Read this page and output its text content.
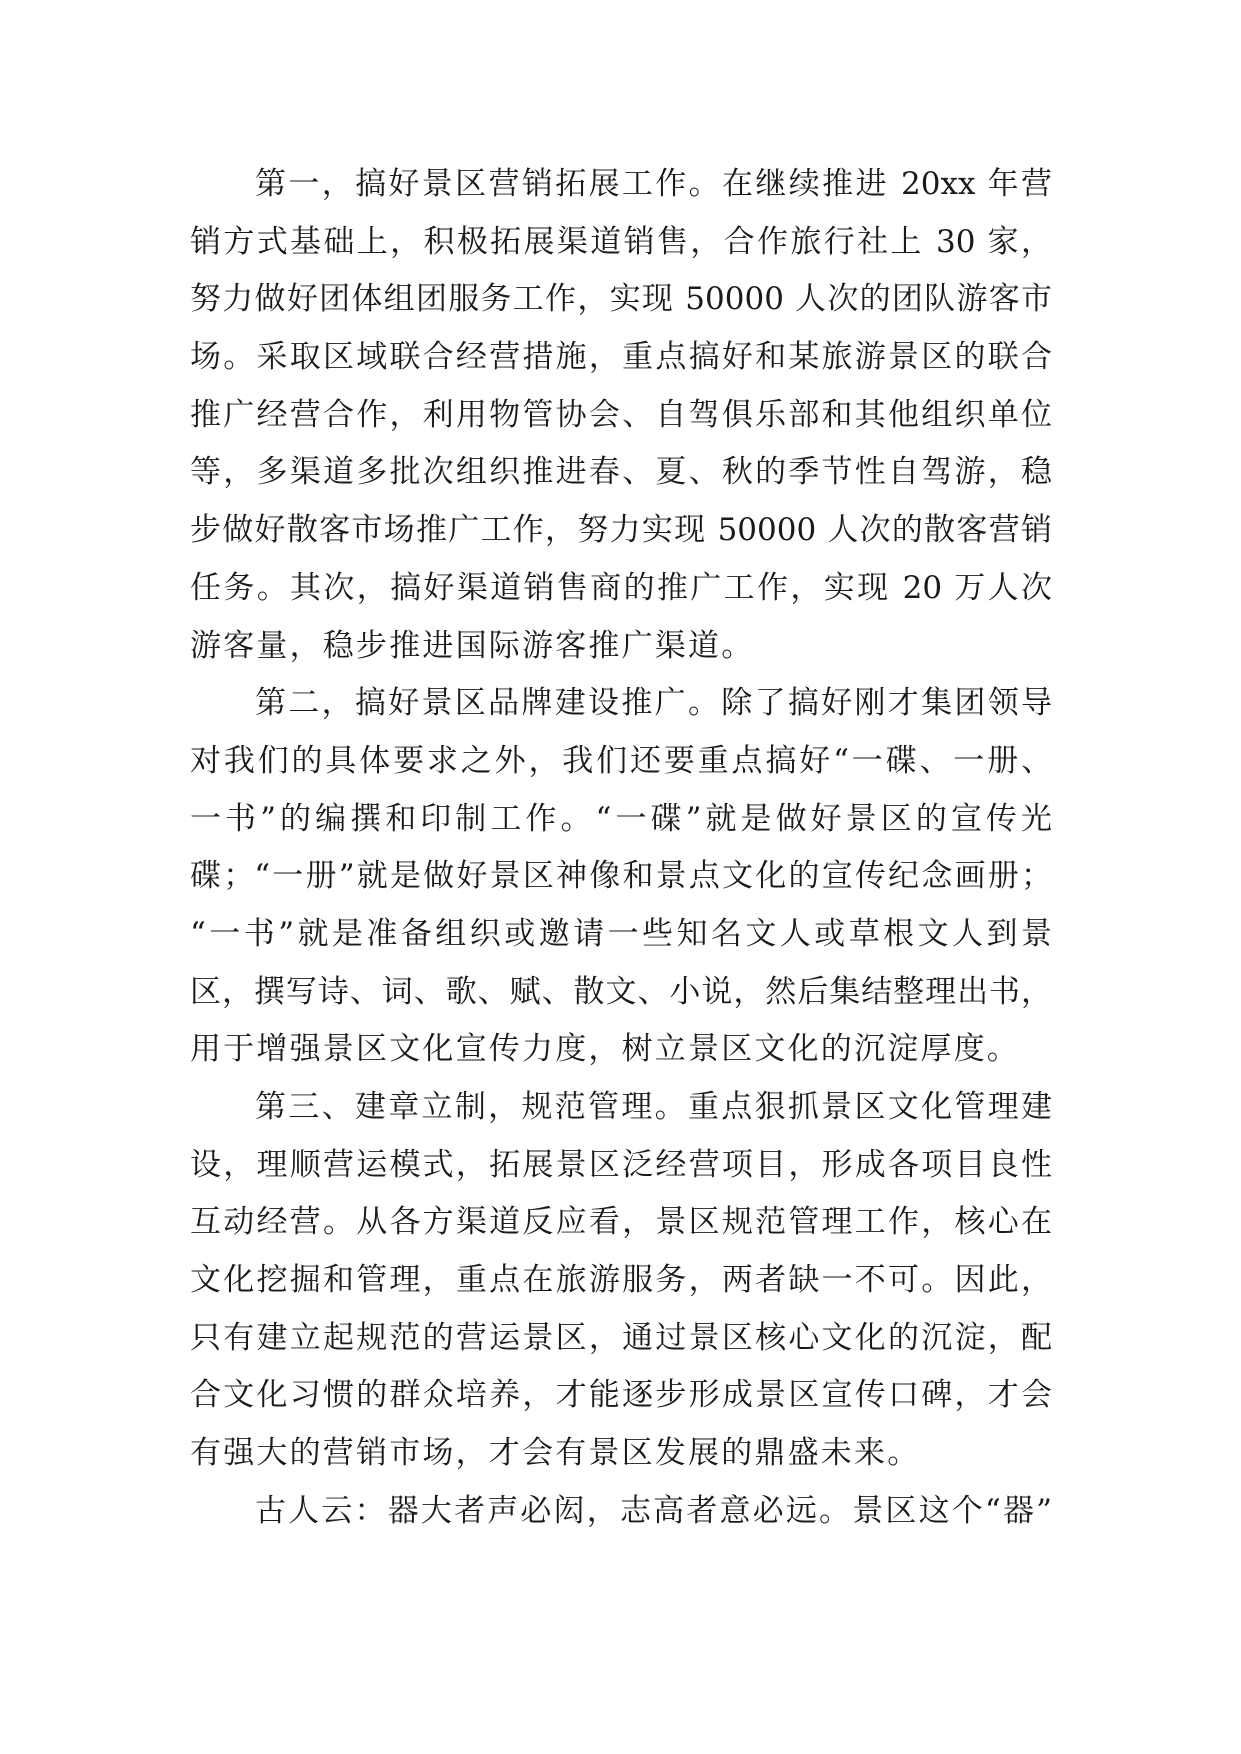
第一，搞好景区营销拓展工作。在继续推进 20xx 年营
销方式基础上，积极拓展渠道销售，合作旅行社上 30 家，
努力做好团体组团服务工作，实现 50000 人次的团队游客市
场。采取区域联合经营措施，重点搞好和某旅游景区的联合
推广经营合作，利用物管协会、自驾俱乐部和其他组织单位
等，多渠道多批次组织推进春、夏、秋的季节性自驾游，稳
步做好散客市场推广工作，努力实现 50000 人次的散客营销
任务。其次，搞好渠道销售商的推广工作，实现 20 万人次
游客量，稳步推进国际游客推广渠道。
第二，搞好景区品牌建设推广。除了搞好刚才集团领导
对我们的具体要求之外，我们还要重点搞好“一碟、一册、
一书”的编撰和印制工作。“一碟”就是做好景区的宣传光
碟；“一册”就是做好景区神像和景点文化的宣传纪念画册；
“一书”就是准备组织或邀请一些知名文人或草根文人到景
区，撰写诗、词、歌、赋、散文、小说，然后集结整理出书，
用于增强景区文化宣传力度，树立景区文化的沉淀厚度。
第三、建章立制，规范管理。重点狠抓景区文化管理建
设，理顺营运模式，拓展景区泛经营项目，形成各项目良性
互动经营。从各方渠道反应看，景区规范管理工作，核心在
文化挖掘和管理，重点在旅游服务，两者缺一不可。因此，
只有建立起规范的营运景区，通过景区核心文化的沉淀，配
合文化习惯的群众培养，才能逐步形成景区宣传口碑，才会
有强大的营销市场，才会有景区发展的鼎盛未来。
古人云：器大者声必闳，志高者意必远。景区这个“器”
